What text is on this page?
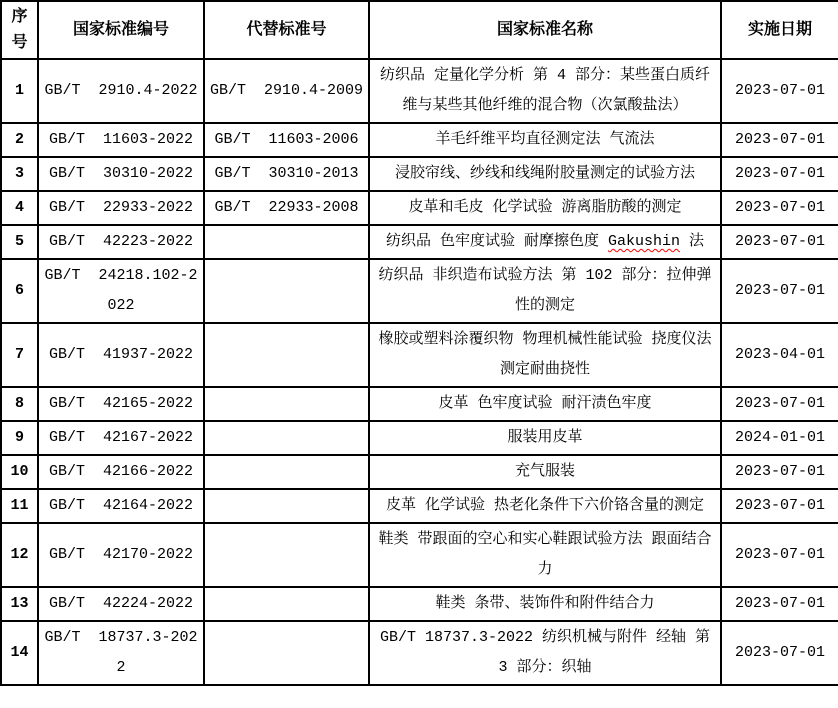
序号	国家标准编号	代替标准号	国家标准名称	实施日期
1	GB/T  2910.4-2022	GB/T  2910.4-2009	纺织品 定量化学分析 第 4 部分：某些蛋白质纤维与某些其他纤维的混合物（次氯酸盐法）	2023-07-01
2	GB/T  11603-2022	GB/T  11603-2006	羊毛纤维平均直径测定法 气流法	2023-07-01
3	GB/T  30310-2022	GB/T  30310-2013	浸胶帘线、纱线和线绳附胶量测定的试验方法	2023-07-01
4	GB/T  22933-2022	GB/T  22933-2008	皮革和毛皮 化学试验 游离脂肪酸的测定	2023-07-01
5	GB/T  42223-2022		纺织品 色牢度试验 耐摩擦色度 Gakushin 法	2023-07-01
6	GB/T  24218.102-2022		纺织品 非织造布试验方法 第 102 部分：拉伸弹性的测定	2023-07-01
7	GB/T  41937-2022		橡胶或塑料涂覆织物 物理机械性能试验 挠度仪法测定耐曲挠性	2023-04-01
8	GB/T  42165-2022		皮革 色牢度试验 耐汗渍色牢度	2023-07-01
9	GB/T  42167-2022		服装用皮革	2024-01-01
10	GB/T  42166-2022		充气服装	2023-07-01
11	GB/T  42164-2022		皮革 化学试验 热老化条件下六价铬含量的测定	2023-07-01
12	GB/T  42170-2022		鞋类 带跟面的空心和实心鞋跟试验方法 跟面结合力	2023-07-01
13	GB/T  42224-2022		鞋类 条带、装饰件和附件结合力	2023-07-01
14	GB/T  18737.3-2022		GB/T 18737.3-2022 纺织机械与附件 经轴 第 3 部分：织轴	2023-07-01
